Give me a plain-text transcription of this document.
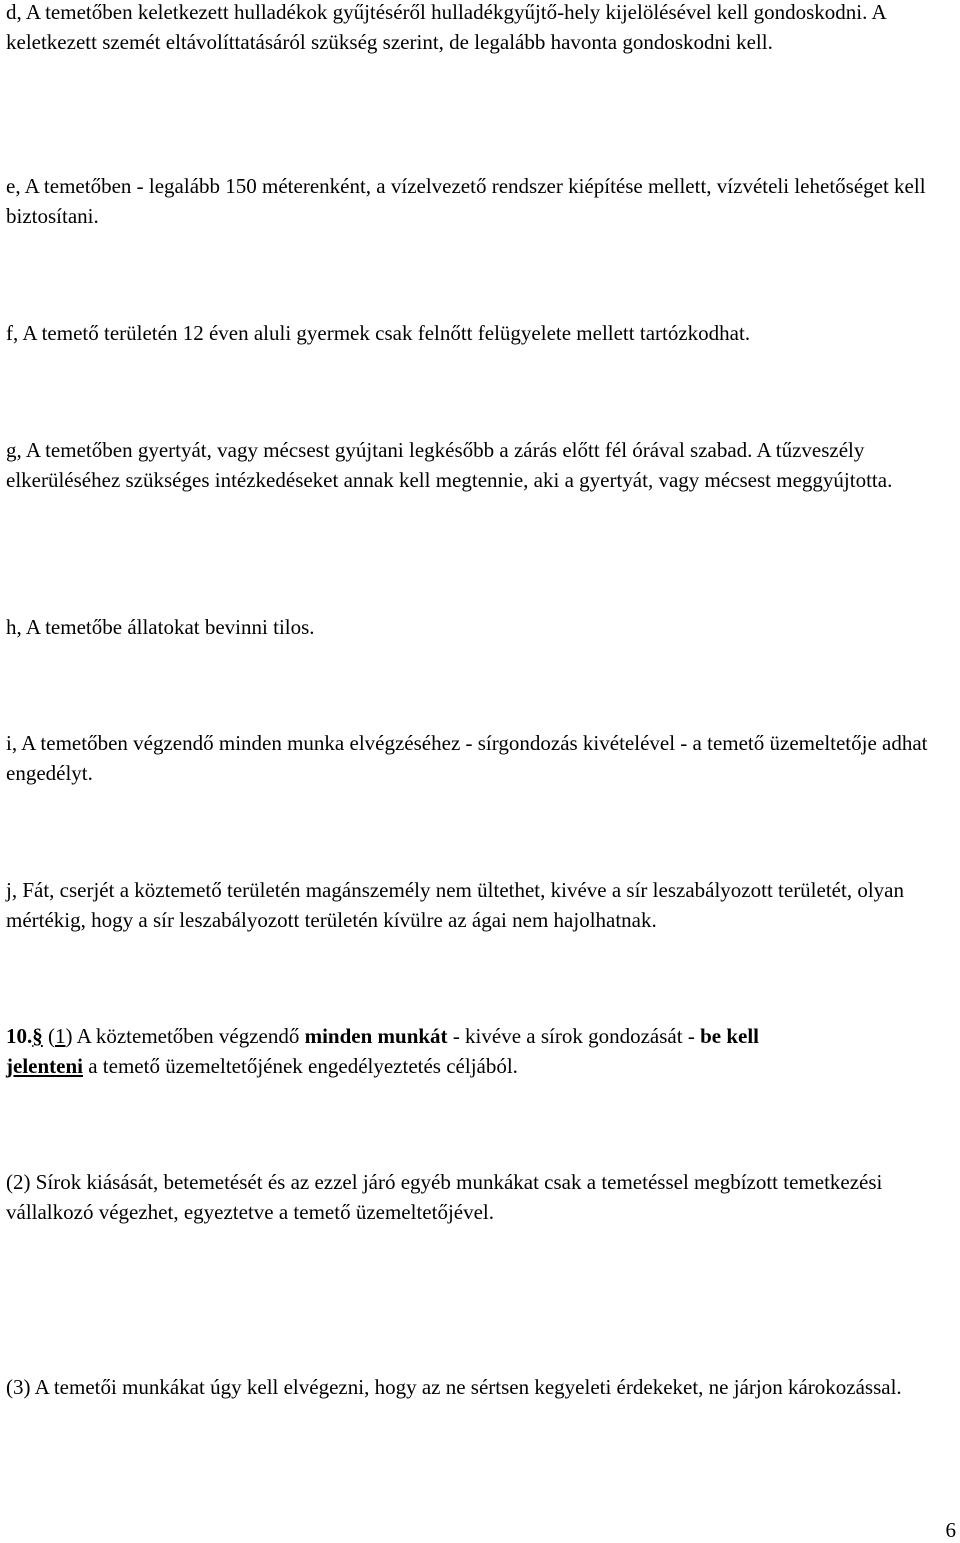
d, A temetőben keletkezett hulladékok gyűjtéséről hulladékgyűjtő-hely kijelölésével kell gondoskodni. A keletkezett szemét eltávolíttatásáról szükség szerint, de legalább havonta gondoskodni kell.

e, A temetőben - legalább 150 méterenként, a vízelvezető rendszer kiépítése mellett, vízvételi lehetőséget kell biztosítani.

f, A temető területén 12 éven aluli gyermek csak felnőtt felügyelete mellett tartózkodhat.

g, A temetőben gyertyát, vagy mécsest gyújtani legkésőbb a zárás előtt fél órával szabad. A tűzveszély elkerüléséhez szükséges intézkedéseket annak kell megtennie, aki a gyertyát, vagy mécsest meggyújtotta.

h, A temetőbe állatokat bevinni tilos.

i, A temetőben végzendő minden munka elvégzéséhez - sírgondozás kivételével - a temető üzemeltetője adhat engedélyt.

j, Fát, cserjét a köztemető területén magánszemély nem ültethet, kivéve a sír leszabályozott területét, olyan mértékig, hogy a sír leszabályozott területén kívülre az ágai nem hajolhatnak.

10.§ (1) A köztemetőben végzendő minden munkát - kivéve a sírok gondozását - be kell
jelenteni a temető üzemeltetőjének engedélyeztetés céljából.

(2) Sírok kiásását, betemetését és az ezzel járó egyéb munkákat csak a temetéssel megbízott temetkezési vállalkozó végezhet, egyeztetve a temető üzemeltetőjével.

(3) A temetői munkákat úgy kell elvégezni, hogy az ne sértsen kegyeleti érdekeket, ne járjon károkozással.

6
